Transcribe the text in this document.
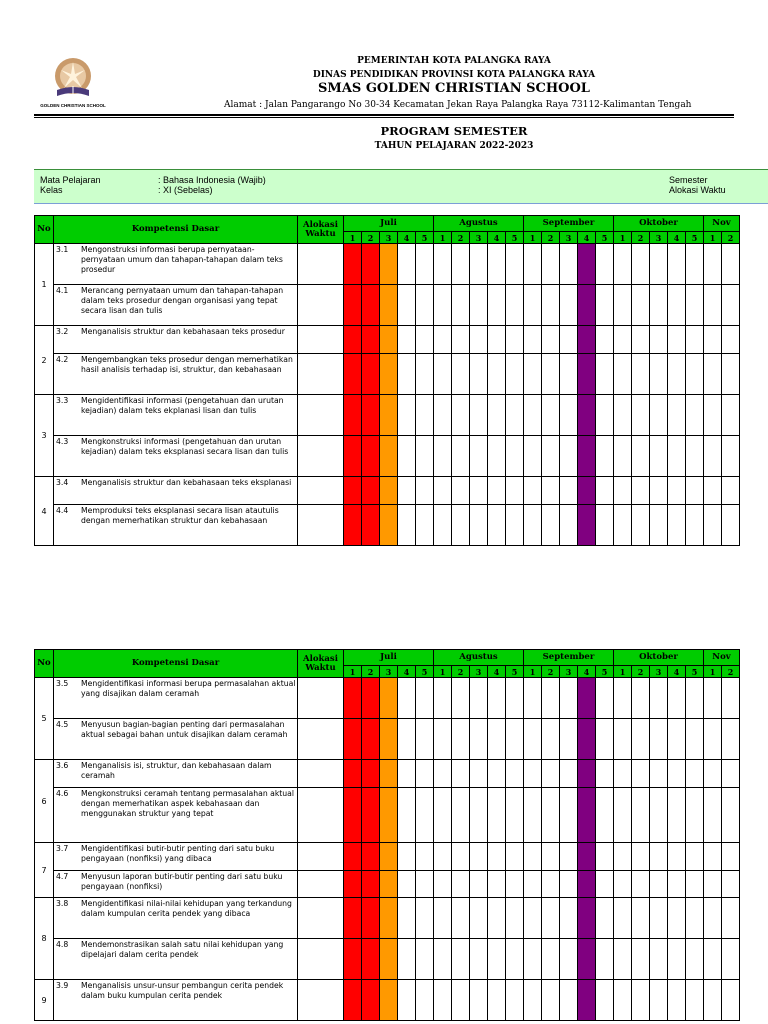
GOLDEN CHRISTIAN SCHOOL
PEMERINTAH KOTA PALANGKA RAYA
DINAS PENDIDIKAN PROVINSI KOTA PALANGKA RAYA
SMAS GOLDEN CHRISTIAN SCHOOL
Alamat : Jalan Pangarango No 30-34 Kecamatan Jekan Raya Palangka Raya 73112-Kalimantan Tengah
PROGRAM SEMESTER
TAHUN PELAJARAN 2022-2023
Mata Pelajaran	: Bahasa Indonesia (Wajib)
Kelas	: XI (Sebelas)
Semester
Alokasi Waktu
No	Kompetensi Dasar	Alokasi
Waktu	Juli					Agustus					September					Oktober					Nov	
			1	2	3	4	5	1	2	3	4	5	1	2	3	4	5	1	2	3	4	5	1	2
1	3.1 Mengonstruksi informasi berupa pernyataan-pernyataan umum dan tahapan-tahapan dalam teks prosedur																							

	4.1 Merancang pernyataan umum dan tahapan-tahapan dalam teks prosedur dengan organisasi yang tepat secara lisan dan tulis																							

2	3.2 Menganalisis struktur dan kebahasaan teks prosedur																							

	4.2 Mengembangkan teks prosedur dengan memerhatikan hasil analisis terhadap isi, struktur, dan kebahasaan																							

3	3.3 Mengidentifikasi informasi (pengetahuan dan urutan kejadian) dalam teks ekplanasi lisan dan tulis																							

	4.3 Mengkonstruksi informasi (pengetahuan dan urutan kejadian) dalam teks eksplanasi secara lisan dan tulis																							

4	3.4 Menganalisis struktur dan kebahasaan teks eksplanasi																							

	4.4 Memproduksi teks eksplanasi secara lisan atautulis dengan memerhatikan struktur dan kebahasaan																							

No	Kompetensi Dasar	Alokasi
Waktu	Juli					Agustus					September					Oktober					Nov	
			1	2	3	4	5	1	2	3	4	5	1	2	3	4	5	1	2	3	4	5	1	2
5	3.5 Mengidentifikasi informasi berupa permasalahan aktual yang disajikan dalam ceramah																							

	4.5 Menyusun bagian-bagian penting dari permasalahan aktual sebagai bahan untuk disajikan dalam ceramah																							

6	3.6 Menganalisis isi, struktur, dan kebahasaan dalam ceramah																							

	4.6 Mengkonstruksi ceramah tentang permasalahan aktual dengan memerhatikan aspek kebahasaan dan menggunakan struktur yang tepat																							

7	3.7 Mengidentifikasi butir-butir penting dari satu buku pengayaan (nonfiksi) yang dibaca																							

	4.7 Menyusun laporan butir-butir penting dari satu buku pengayaan (nonfiksi)																							

8	3.8 Mengidentifikasi nilai-nilai kehidupan yang terkandung dalam kumpulan cerita pendek yang dibaca																							

	4.8 Mendemonstrasikan salah satu nilai kehidupan yang dipelajari dalam cerita pendek																							

9	3.9 Menganalisis unsur-unsur pembangun cerita pendek dalam buku kumpulan cerita pendek																							
